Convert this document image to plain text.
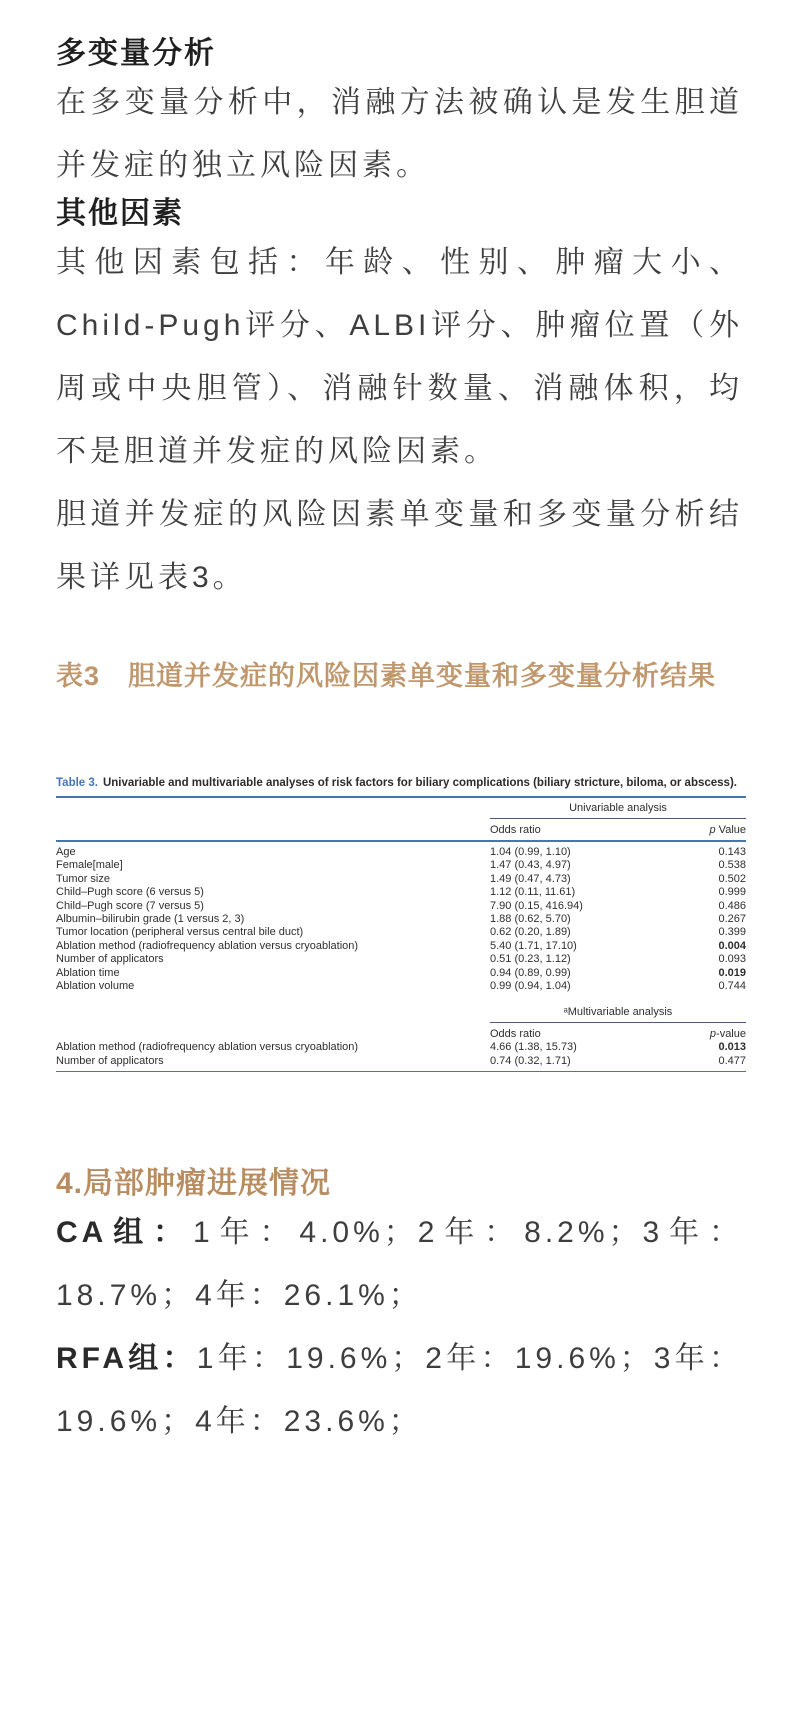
多变量分析

在多变量分析中，消融方法被确认是发生胆道并发症的独立风险因素。

其他因素

其他因素包括：年龄、性别、肿瘤大小、Child-Pugh评分、ALBI评分、肿瘤位置（外周或中央胆管）、消融针数量、消融体积，均不是胆道并发症的风险因素。

胆道并发症的风险因素单变量和多变量分析结果详见表3。

表3　胆道并发症的风险因素单变量和多变量分析结果
Table 3. Univariable and multivariable analyses of risk factors for biliary complications (biliary stricture, biloma, or abscess).
Univariable analysis
Odds ratio	p Value
Age	1.04 (0.99, 1.10)	0.143
Female[male]	1.47 (0.43, 4.97)	0.538
Tumor size	1.49 (0.47, 4.73)	0.502
Child–Pugh score (6 versus 5)	1.12 (0.11, 11.61)	0.999
Child–Pugh score (7 versus 5)	7.90 (0.15, 416.94)	0.486
Albumin–bilirubin grade (1 versus 2, 3)	1.88 (0.62, 5.70)	0.267
Tumor location (peripheral versus central bile duct)	0.62 (0.20, 1.89)	0.399
Ablation method (radiofrequency ablation versus cryoablation)	5.40 (1.71, 17.10)	0.004
Number of applicators	0.51 (0.23, 1.12)	0.093
Ablation time	0.94 (0.89, 0.99)	0.019
Ablation volume	0.99 (0.94, 1.04)	0.744
ᵃMultivariable analysis
Odds ratio	p-value
Ablation method (radiofrequency ablation versus cryoablation)	4.66 (1.38, 15.73)	0.013
Number of applicators	0.74 (0.32, 1.71)	0.477
4.局部肿瘤进展情况

CA组：1年：4.0%；2年：8.2%；3年：18.7%；4年：26.1%；

RFA组：1年：19.6%；2年：19.6%；3年：19.6%；4年：23.6%；
